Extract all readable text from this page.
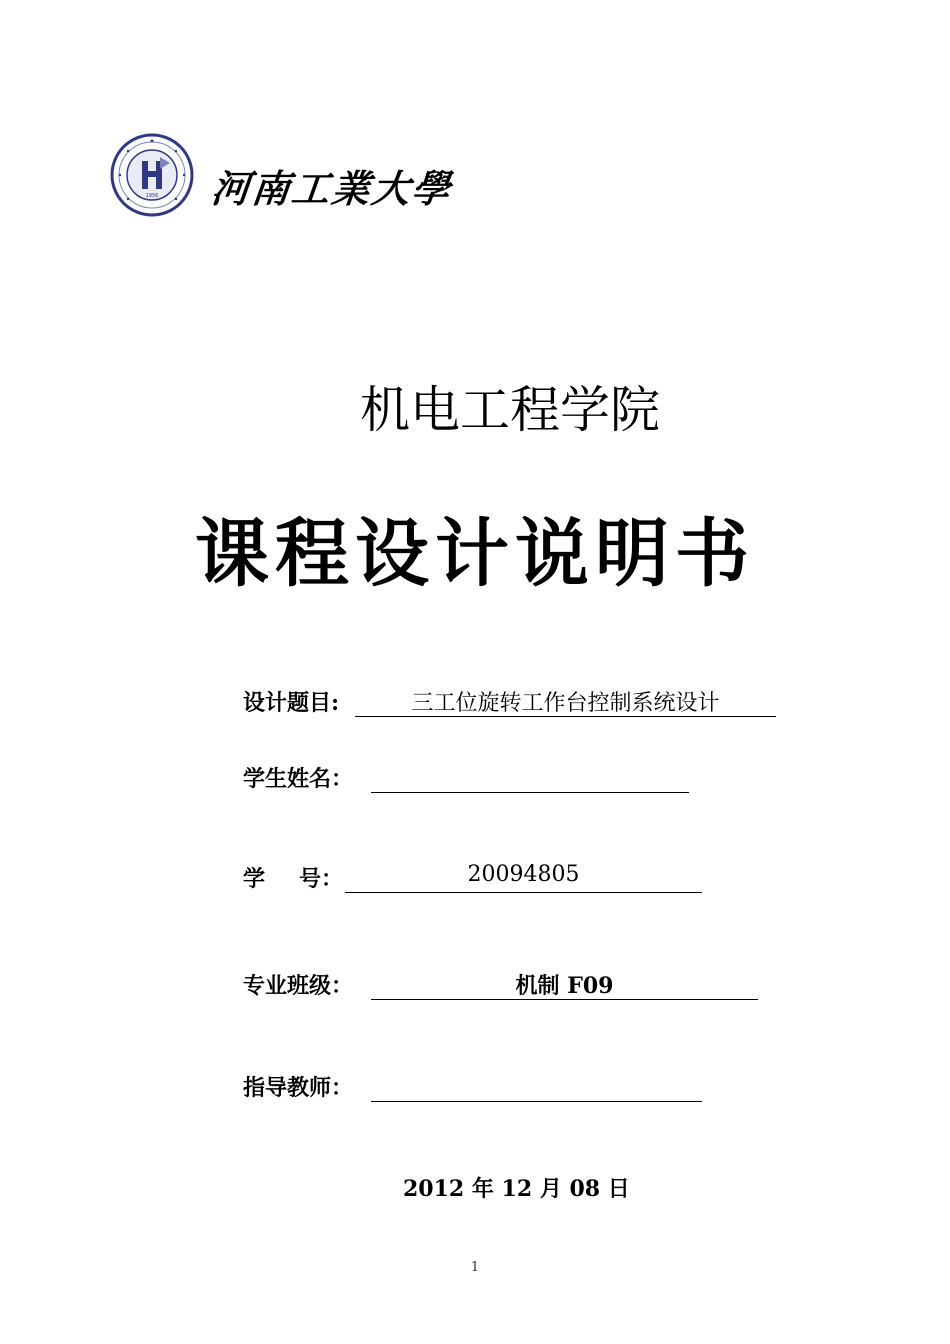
1956 河南工業大學
机电工程学院
课程设计说明书
设计题目:	三工位旋转工作台控制系统设计
学生姓名：
学 号：	20094805
专业班级：	机制 F09
指导教师：
2012 年 12 月 08 日
1
